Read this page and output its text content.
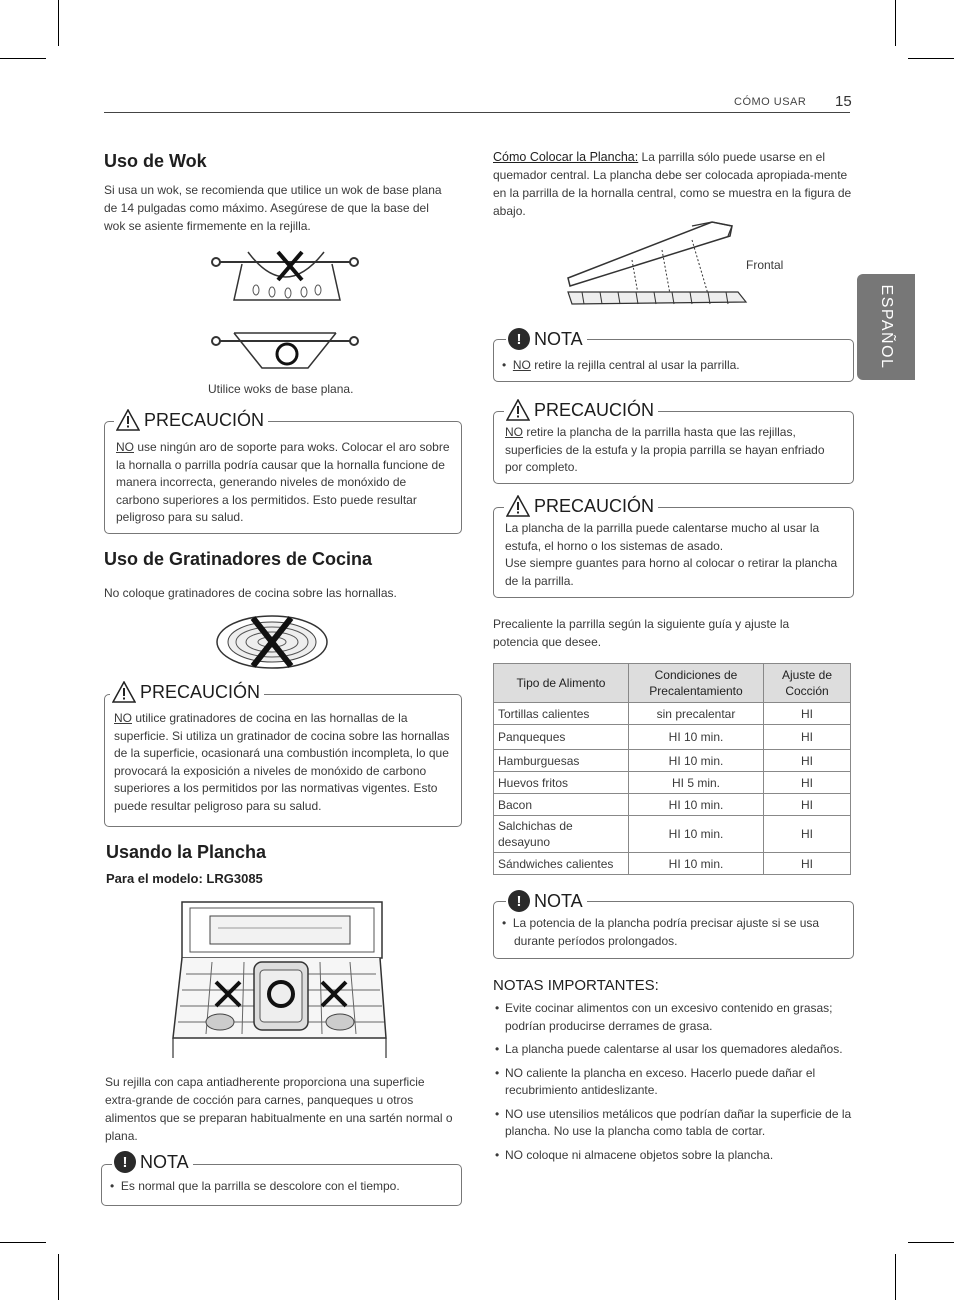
CÓMO USAR 15
ESPAÑOL
Uso de Wok

Si usa un wok, se recomienda que utilice un wok de base plana de 14 pulgadas como máximo. Asegúrese de que la base del wok se asiente firmemente en la rejilla.

Utilice woks de base plana.
PRECAUCIÓN
NO use ningún aro de soporte para woks. Colocar el aro sobre la hornalla o parrilla podría causar que la hornalla funcione de manera incorrecta, generando niveles de monóxido de carbono superiores a los permitidos. Esto puede resultar peligroso para su salud.
Uso de Gratinadores de Cocina

No coloque gratinadores de cocina sobre las hornallas.

PRECAUCIÓN
NO utilice gratinadores de cocina en las hornallas de la superficie. Si utiliza un gratinador de cocina sobre las hornallas de la superficie, ocasionará una combustión incompleta, lo que provocará la exposición a niveles de monóxido de carbono superiores a los permitidos por las normativas vigentes. Esto puede resultar peligroso para su salud.
Usando la Plancha
Para el modelo: LRG3085

Su rejilla con capa antiadherente proporciona una superficie extra-grande de cocción para carnes, panqueques u otros alimentos que se preparan habitualmente en una sartén normal o plana.

! NOTA
•  Es normal que la parrilla se descolore con el tiempo.
Cómo Colocar la Plancha: La parrilla sólo puede usarse en el quemador central. La plancha debe ser colocada apropiada-mente en la parrilla de la hornalla central, como se muestra en la figura de abajo.
Frontal
! NOTA
•  NO retire la rejilla central al usar la parrilla.
PRECAUCIÓN
NO retire la plancha de la parrilla hasta que las rejillas, superficies de la estufa y la propia parrilla se hayan enfriado por completo.
PRECAUCIÓN
La plancha de la parrilla puede calentarse mucho al usar la estufa, el horno o los sistemas de asado.
Use siempre guantes para horno al colocar o retirar la plancha de la parrilla.

Precaliente la parrilla según la siguiente guía y ajuste la potencia que desee.

Tipo de Alimento	Condiciones de Precalentamiento	Ajuste de Cocción
Tortillas calientes	sin precalentar	HI
Panqueques	HI 10 min.	HI
Hamburguesas	HI 10 min.	HI
Huevos fritos	HI 5 min.	HI
Bacon	HI 10 min.	HI
Salchichas de desayuno	HI 10 min.	HI
Sándwiches calientes	HI 10 min.	HI
! NOTA
•  La potencia de la plancha podría precisar ajuste si se usa durante períodos prolongados.
NOTAS IMPORTANTES:
• Evite cocinar alimentos con un excesivo contenido en grasas; podrían producirse derrames de grasa.
• La plancha puede calentarse al usar los quemadores aledaños.
• NO caliente la plancha en exceso. Hacerlo puede dañar el recubrimiento antideslizante.
• NO use utensilios metálicos que podrían dañar la superficie de la plancha. No use la plancha como tabla de cortar.
• NO coloque ni almacene objetos sobre la plancha.
